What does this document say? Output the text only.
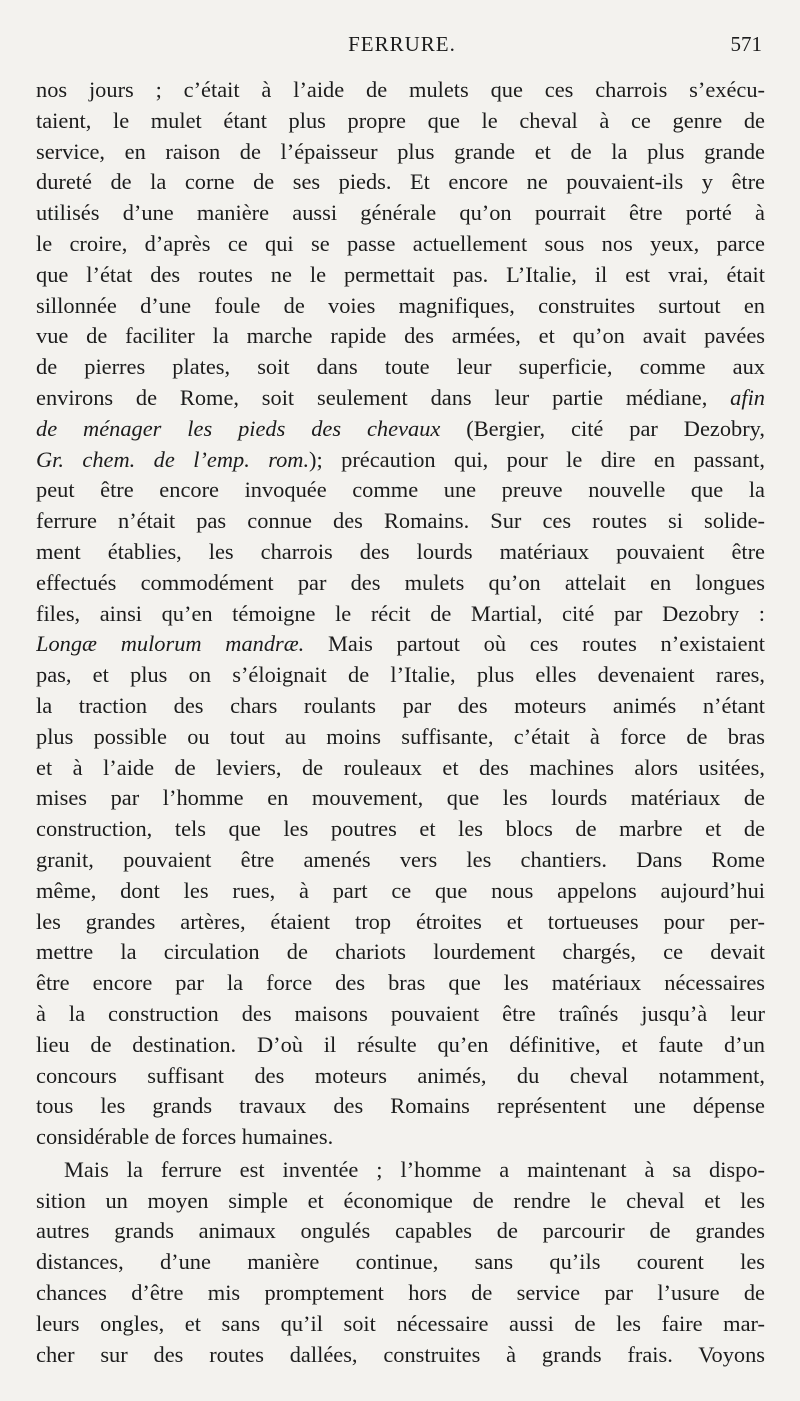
FERRURE.	571
nos jours ; c’était à l’aide de mulets que ces charrois s’exécu-
taient, le mulet étant plus propre que le cheval à ce genre de
service, en raison de l’épaisseur plus grande et de la plus grande
dureté de la corne de ses pieds. Et encore ne pouvaient-ils y être
utilisés d’une manière aussi générale qu’on pourrait être porté à
le croire, d’après ce qui se passe actuellement sous nos yeux, parce
que l’état des routes ne le permettait pas. L’Italie, il est vrai, était
sillonnée d’une foule de voies magnifiques, construites surtout en
vue de faciliter la marche rapide des armées, et qu’on avait pavées
de pierres plates, soit dans toute leur superficie, comme aux
environs de Rome, soit seulement dans leur partie médiane, afin
de ménager les pieds des chevaux (Bergier, cité par Dezobry,
Gr. chem. de l’emp. rom.); précaution qui, pour le dire en passant,
peut être encore invoquée comme une preuve nouvelle que la
ferrure n’était pas connue des Romains. Sur ces routes si solide-
ment établies, les charrois des lourds matériaux pouvaient être
effectués commodément par des mulets qu’on attelait en longues
files, ainsi qu’en témoigne le récit de Martial, cité par Dezobry :
Longæ mulorum mandræ. Mais partout où ces routes n’existaient
pas, et plus on s’éloignait de l’Italie, plus elles devenaient rares,
la traction des chars roulants par des moteurs animés n’étant
plus possible ou tout au moins suffisante, c’était à force de bras
et à l’aide de leviers, de rouleaux et des machines alors usitées,
mises par l’homme en mouvement, que les lourds matériaux de
construction, tels que les poutres et les blocs de marbre et de
granit, pouvaient être amenés vers les chantiers. Dans Rome
même, dont les rues, à part ce que nous appelons aujourd’hui
les grandes artères, étaient trop étroites et tortueuses pour per-
mettre la circulation de chariots lourdement chargés, ce devait
être encore par la force des bras que les matériaux nécessaires
à la construction des maisons pouvaient être traînés jusqu’à leur
lieu de destination. D’où il résulte qu’en définitive, et faute d’un
concours suffisant des moteurs animés, du cheval notamment,
tous les grands travaux des Romains représentent une dépense
considérable de forces humaines.
Mais la ferrure est inventée ; l’homme a maintenant à sa dispo-
sition un moyen simple et économique de rendre le cheval et les
autres grands animaux ongulés capables de parcourir de grandes
distances, d’une manière continue, sans qu’ils courent les
chances d’être mis promptement hors de service par l’usure de
leurs ongles, et sans qu’il soit nécessaire aussi de les faire mar-
cher sur des routes dallées, construites à grands frais. Voyons
